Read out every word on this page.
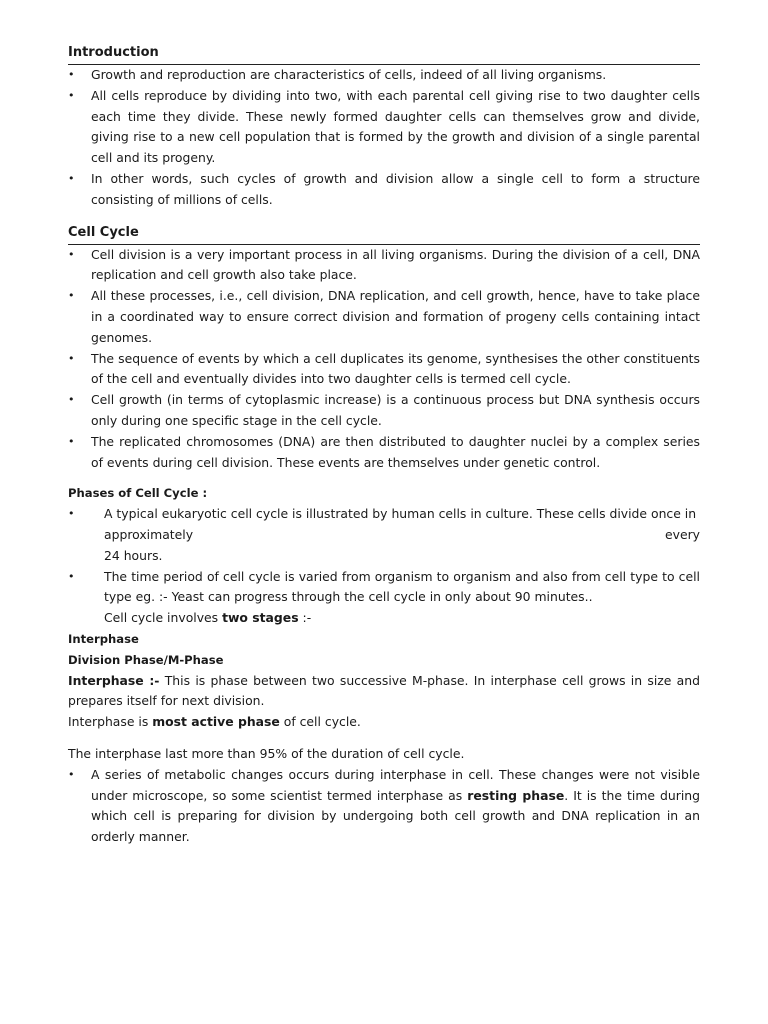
Introduction
• Growth and reproduction are characteristics of cells, indeed of all living organisms.
• All cells reproduce by dividing into two, with each parental cell giving rise to two daughter cells each time they divide. These newly formed daughter cells can themselves grow and divide, giving rise to a new cell population that is formed by the growth and division of a single parental cell and its progeny.
• In other words, such cycles of growth and division allow a single cell to form a structure consisting of millions of cells.
Cell Cycle
• Cell division is a very important process in all living organisms. During the division of a cell, DNA replication and cell growth also take place.
• All these processes, i.e., cell division, DNA replication, and cell growth, hence, have to take place in a coordinated way to ensure correct division and formation of progeny cells containing intact genomes.
• The sequence of events by which a cell duplicates its genome, synthesises the other constituents of the cell and eventually divides into two daughter cells is termed cell cycle.
• Cell growth (in terms of cytoplasmic increase) is a continuous process but DNA synthesis occurs only during one specific stage in the cell cycle.
• The replicated chromosomes (DNA) are then distributed to daughter nuclei by a complex series of events during cell division. These events are themselves under genetic control.
Phases of Cell Cycle :
• A typical eukaryotic cell cycle is illustrated by human cells in culture. These cells divide once in
approximately	every
24 hours.
• The time period of cell cycle is varied from organism to organism and also from cell type to cell type eg. :- Yeast can progress through the cell cycle in only about 90 minutes..
Cell cycle involves two stages :-
Interphase
Division Phase/M-Phase
Interphase :- This is phase between two successive M-phase. In interphase cell grows in size and prepares itself for next division.
Interphase is most active phase of cell cycle.
The interphase last more than 95% of the duration of cell cycle.
• A series of metabolic changes occurs during interphase in cell. These changes were not visible under microscope, so some scientist termed interphase as resting phase. It is the time during which cell is preparing for division by undergoing both cell growth and DNA replication in an orderly manner.
